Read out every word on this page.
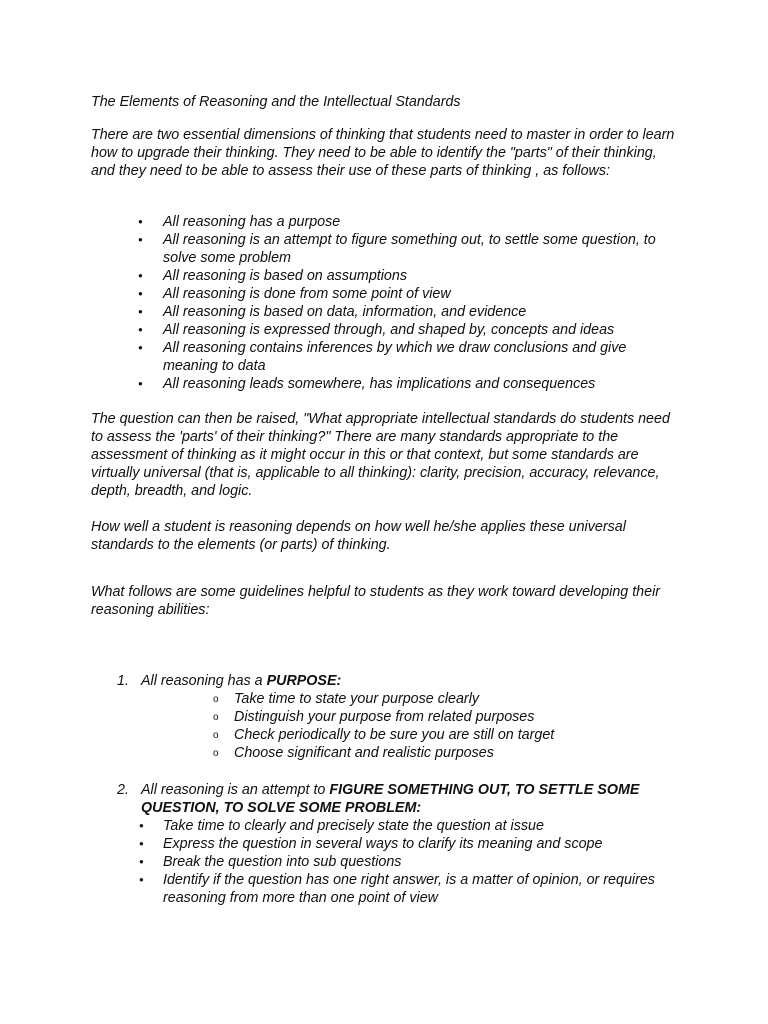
The Elements of Reasoning and the Intellectual Standards

There are two essential dimensions of thinking that students need to master in order to learn how to upgrade their thinking. They need to be able to identify the "parts" of their thinking, and they need to be able to assess their use of these parts of thinking , as follows:

● All reasoning has a purpose
● All reasoning is an attempt to figure something out, to settle some question, to solve some problem
● All reasoning is based on assumptions
● All reasoning is done from some point of view
● All reasoning is based on data, information, and evidence
● All reasoning is expressed through, and shaped by, concepts and ideas
● All reasoning contains inferences by which we draw conclusions and give meaning to data
● All reasoning leads somewhere, has implications and consequences

The question can then be raised, "What appropriate intellectual standards do students need to assess the 'parts' of their thinking?" There are many standards appropriate to the assessment of thinking as it might occur in this or that context, but some standards are virtually universal (that is, applicable to all thinking): clarity, precision, accuracy, relevance, depth, breadth, and logic.

How well a student is reasoning depends on how well he/she applies these universal standards to the elements (or parts) of thinking.

What follows are some guidelines helpful to students as they work toward developing their reasoning abilities:

1. All reasoning has a PURPOSE:
o Take time to state your purpose clearly
o Distinguish your purpose from related purposes
o Check periodically to be sure you are still on target
o Choose significant and realistic purposes
2. All reasoning is an attempt to FIGURE SOMETHING OUT, TO SETTLE SOME QUESTION, TO SOLVE SOME PROBLEM:
● Take time to clearly and precisely state the question at issue
● Express the question in several ways to clarify its meaning and scope
● Break the question into sub questions
● Identify if the question has one right answer, is a matter of opinion, or requires reasoning from more than one point of view
